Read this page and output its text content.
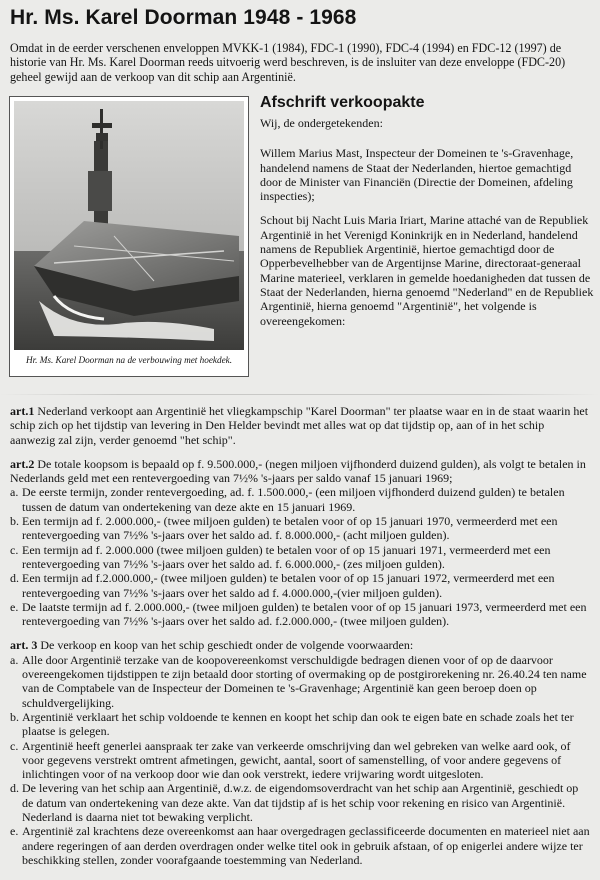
Hr. Ms. Karel Doorman 1948 - 1968

Omdat in de eerder verschenen enveloppen MVKK-1 (1984), FDC-1 (1990), FDC-4 (1994) en FDC-12 (1997) de historie van Hr. Ms. Karel Doorman reeds uitvoerig werd beschreven, is de insluiter van deze enveloppe (FDC-20) geheel gewijd aan de verkoop van dit schip aan Argentinië.

Hr. Ms. Karel Doorman na de verbouwing met hoekdek.
Afschrift verkoopakte

Wij, de ondergetekenden:

Willem Marius Mast, Inspecteur der Domeinen te 's-Gravenhage, handelend namens de Staat der Nederlanden, hiertoe gemachtigd door de Minister van Financiën (Directie der Domeinen, afdeling inspecties);

Schout bij Nacht Luis Maria Iriart, Marine attaché van de Republiek Argentinië in het Verenigd Koninkrijk en in Nederland, handelend namens de Republiek Argentinië, hiertoe gemachtigd door de Opperbevelhebber van de Argentijnse Marine, directoraat-generaal Marine materieel, verklaren in gemelde hoedanigheden dat tussen de Staat der Nederlanden, hierna genoemd "Nederland" en de Republiek Argentinië, hierna genoemd "Argentinië", het volgende is overeengekomen:

art.1 Nederland verkoopt aan Argentinië het vliegkampschip "Karel Doorman" ter plaatse waar en in de staat waarin het schip zich op het tijdstip van levering in Den Helder bevindt met alles wat op dat tijdstip op, aan of in het schip aanwezig zal zijn, verder genoemd "het schip".

art.2 De totale koopsom is bepaald op f. 9.500.000,- (negen miljoen vijfhonderd duizend gulden), als volgt te betalen in Nederlands geld met een rentevergoeding van 7½% 's-jaars per saldo vanaf 15 januari 1969;

a. De eerste termijn, zonder rentevergoeding, ad. f. 1.500.000,- (een miljoen vijfhonderd duizend gulden) te betalen tussen de datum van ondertekening van deze akte en 15 januari 1969.
b. Een termijn ad f. 2.000.000,- (twee miljoen gulden) te betalen voor of op 15 januari 1970, vermeerderd met een rentevergoeding van 7½% 's-jaars over het saldo ad. f. 8.000.000,- (acht miljoen gulden).
c. Een termijn ad f. 2.000.000 (twee miljoen gulden) te betalen voor of op 15 januari 1971, vermeerderd met een rentevergoeding van 7½% 's-jaars over het saldo ad. f. 6.000.000,- (zes miljoen gulden).
d. Een termijn ad f.2.000.000,- (twee miljoen gulden) te betalen voor of op 15 januari 1972, vermeerderd met een rentevergoeding van 7½% 's-jaars over het saldo ad f. 4.000.000,-(vier miljoen gulden).
e. De laatste termijn ad f. 2.000.000,- (twee miljoen gulden) te betalen voor of op 15 januari 1973, vermeerderd met een rentevergoeding van 7½% 's-jaars over het saldo ad. f.2.000.000,- (twee miljoen gulden).

art. 3 De verkoop en koop van het schip geschiedt onder de volgende voorwaarden:

a. Alle door Argentinië terzake van de koopovereenkomst verschuldigde bedragen dienen voor of op de daarvoor overeengekomen tijdstippen te zijn betaald door storting of overmaking op de postgirorekening nr. 26.40.24 ten name van de Comptabele van de Inspecteur der Domeinen te 's-Gravenhage; Argentinië kan geen beroep doen op schuldvergelijking.
b. Argentinië verklaart het schip voldoende te kennen en koopt het schip dan ook te eigen bate en schade zoals het ter plaatse is gelegen.
c. Argentinië heeft generlei aanspraak ter zake van verkeerde omschrijving dan wel gebreken van welke aard ook, of voor gegevens verstrekt omtrent afmetingen, gewicht, aantal, soort of samenstelling, of voor andere gegevens of inlichtingen voor of na verkoop door wie dan ook verstrekt, iedere vrijwaring wordt uitgesloten.
d. De levering van het schip aan Argentinië, d.w.z. de eigendomsoverdracht van het schip aan Argentinië, geschiedt op de datum van ondertekening van deze akte. Van dat tijdstip af is het schip voor rekening en risico van Argentinië. Nederland is daarna niet tot bewaking verplicht.
e. Argentinië zal krachtens deze overeenkomst aan haar overgedragen geclassificeerde documenten en materieel niet aan andere regeringen of aan derden overdragen onder welke titel ook in gebruik afstaan, of op enigerlei andere wijze ter beschikking stellen, zonder voorafgaande toestemming van Nederland.
